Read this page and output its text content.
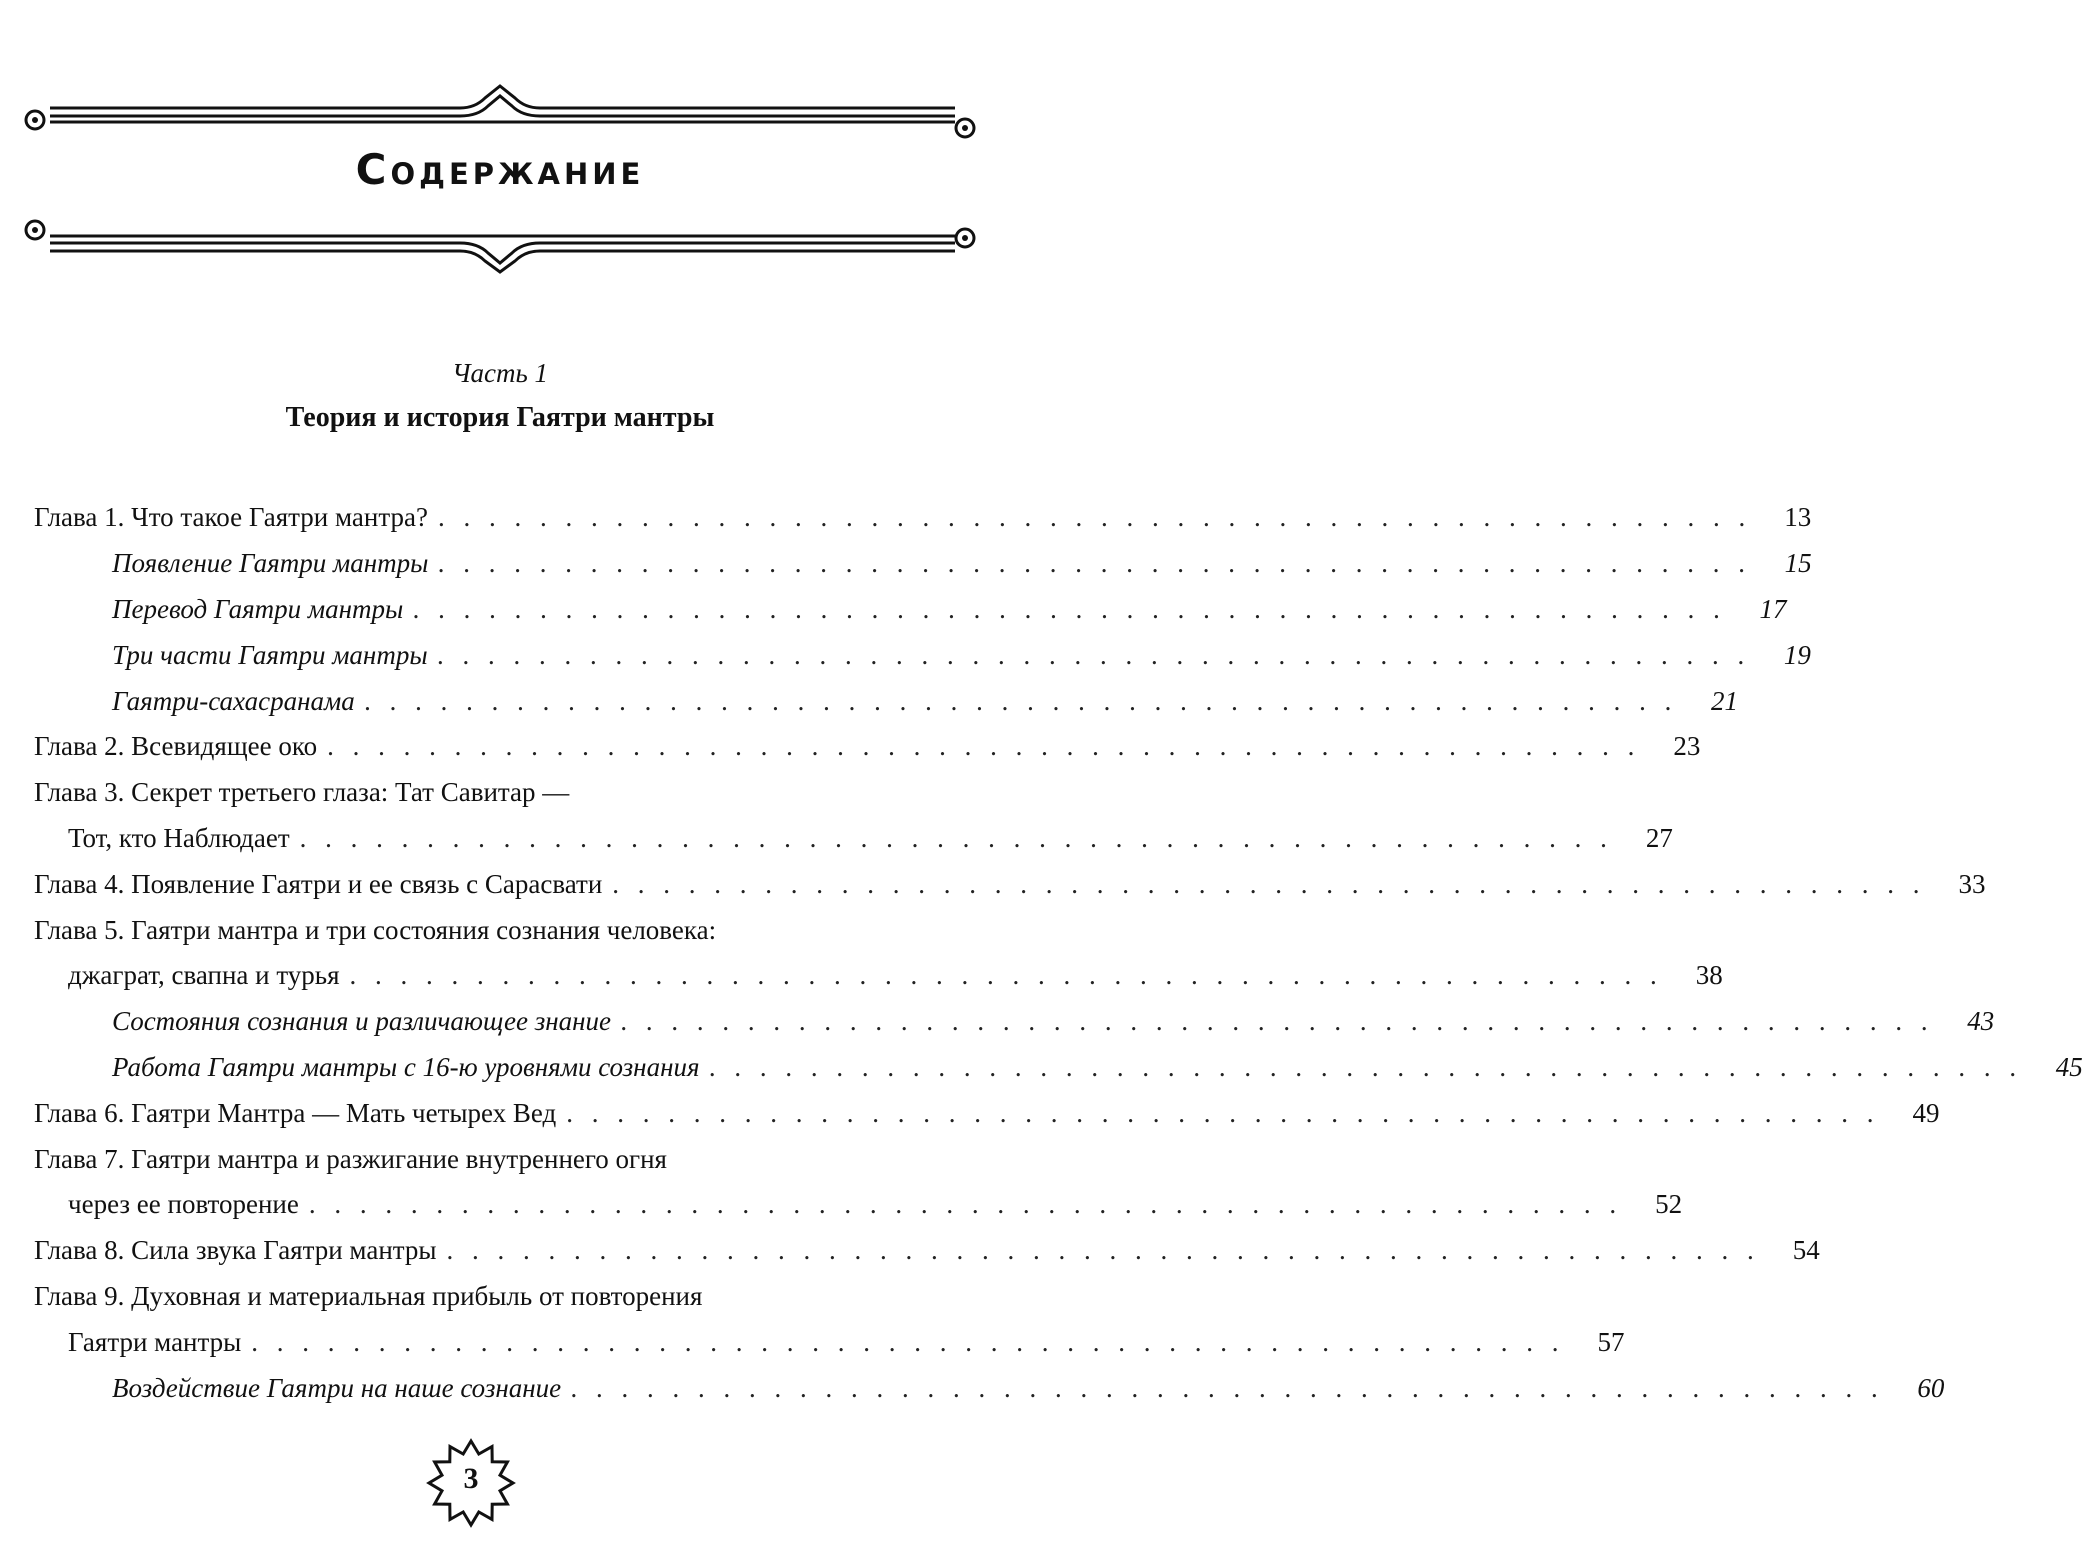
Содержание
Часть 1
Теория и история Гаятри мантры
Глава 1. Что такое Гаятри мантра? . . . . . . . . . . . . . . . . . . . . . . . . . . . . . . . . . . . . . . . . . . . . . . . . . . . .	13
Появление Гаятри мантры . . . . . . . . . . . . . . . . . . . . . . . . . . . . . . . . . . . . . . . . . . . . . . . . . . . .	15
Перевод Гаятри мантры . . . . . . . . . . . . . . . . . . . . . . . . . . . . . . . . . . . . . . . . . . . . . . . . . . . .	17
Три части Гаятри мантры . . . . . . . . . . . . . . . . . . . . . . . . . . . . . . . . . . . . . . . . . . . . . . . . . . . .	19
Гаятри-сахасранама . . . . . . . . . . . . . . . . . . . . . . . . . . . . . . . . . . . . . . . . . . . . . . . . . . . .	21
Глава 2. Всевидящее око . . . . . . . . . . . . . . . . . . . . . . . . . . . . . . . . . . . . . . . . . . . . . . . . . . . .	23
Глава 3. Секрет третьего глаза: Тат Савитар —
Тот, кто Наблюдает . . . . . . . . . . . . . . . . . . . . . . . . . . . . . . . . . . . . . . . . . . . . . . . . . . . .	27
Глава 4. Появление Гаятри и ее связь с Сарасвати . . . . . . . . . . . . . . . . . . . . . . . . . . . . . . . . . . . . . . . . . . . . . . . . . . . .	33
Глава 5. Гаятри мантра и три состояния сознания человека:
джаграт, свапна и турья . . . . . . . . . . . . . . . . . . . . . . . . . . . . . . . . . . . . . . . . . . . . . . . . . . . .	38
Состояния сознания и различающее знание . . . . . . . . . . . . . . . . . . . . . . . . . . . . . . . . . . . . . . . . . . . . . . . . . . . .	43
Работа Гаятри мантры с 16-ю уровнями сознания . . . . . . . . . . . . . . . . . . . . . . . . . . . . . . . . . . . . . . . . . . . . . . . . . . . .	45
Глава 6. Гаятри Мантра — Мать четырех Вед . . . . . . . . . . . . . . . . . . . . . . . . . . . . . . . . . . . . . . . . . . . . . . . . . . . .	49
Глава 7. Гаятри мантра и разжигание внутреннего огня
через ее повторение . . . . . . . . . . . . . . . . . . . . . . . . . . . . . . . . . . . . . . . . . . . . . . . . . . . .	52
Глава 8. Сила звука Гаятри мантры . . . . . . . . . . . . . . . . . . . . . . . . . . . . . . . . . . . . . . . . . . . . . . . . . . . .	54
Глава 9. Духовная и материальная прибыль от повторения
Гаятри мантры . . . . . . . . . . . . . . . . . . . . . . . . . . . . . . . . . . . . . . . . . . . . . . . . . . . .	57
Воздействие Гаятри на наше сознание . . . . . . . . . . . . . . . . . . . . . . . . . . . . . . . . . . . . . . . . . . . . . . . . . . . .	60
3
